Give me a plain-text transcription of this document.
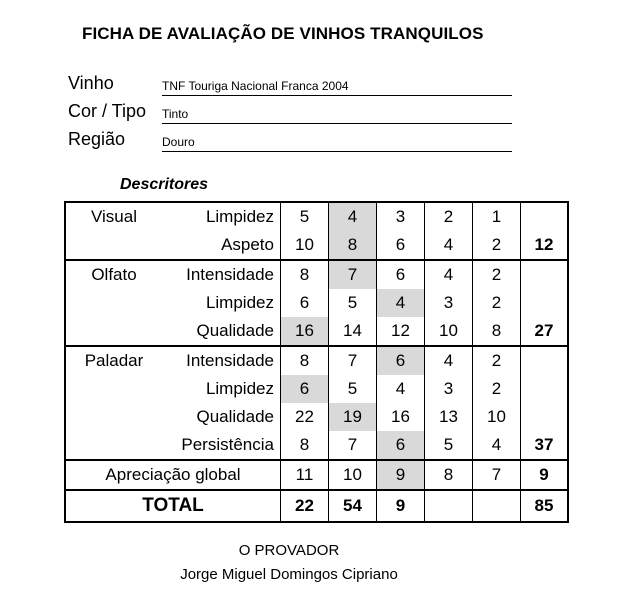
FICHA DE AVALIAÇÃO DE VINHOS TRANQUILOS
Vinho	TNF Touriga Nacional Franca 2004
Cor / Tipo Tinto
Região	Douro
Descritores
Visual	Limpidez	5	4	3	2	1	
	Aspeto	10	8	6	4	2	12
Olfato	Intensidade	8	7	6	4	2	
	Limpidez	6	5	4	3	2	
	Qualidade	16	14	12	10	8	27
Paladar	Intensidade	8	7	6	4	2	
	Limpidez	6	5	4	3	2	
	Qualidade	22	19	16	13	10	
	Persistência	8	7	6	5	4	37
Apreciação global		11	10	9	8	7	9
TOTAL		22	54	9			85
O PROVADOR
Jorge Miguel Domingos Cipriano
